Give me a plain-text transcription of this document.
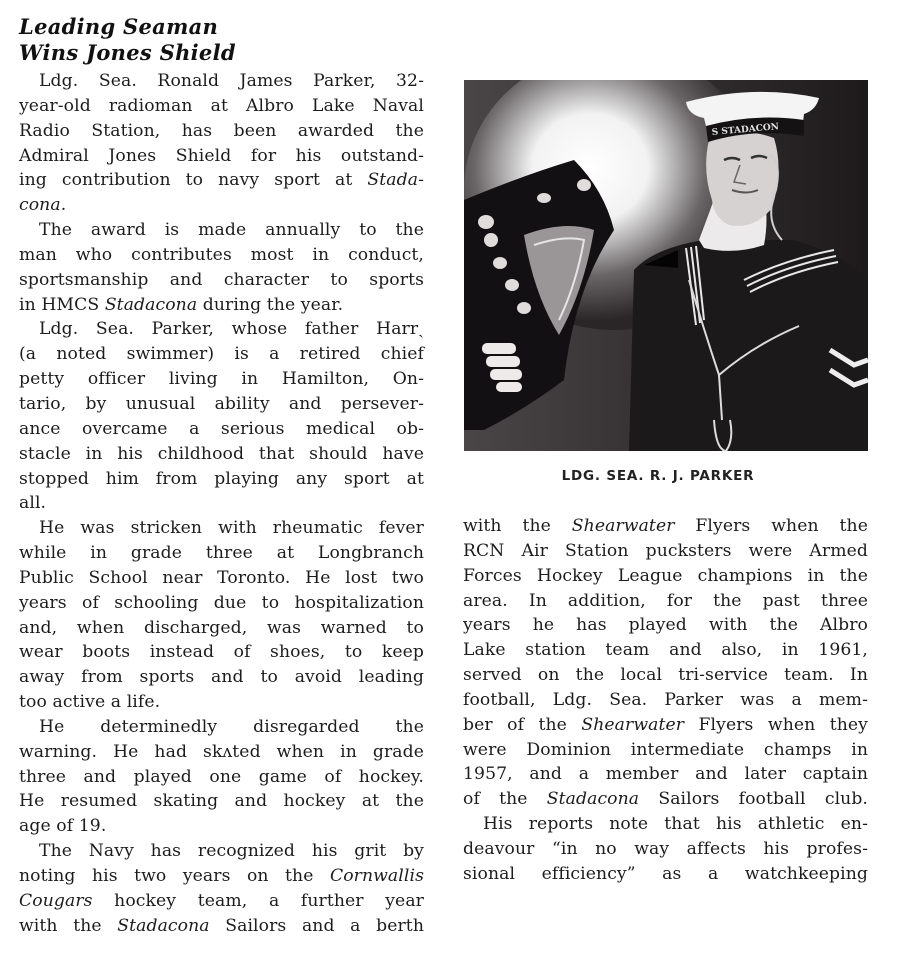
Leading Seaman
Wins Jones Shield
Ldg. Sea. Ronald James Parker, 32-
year-old radioman at Albro Lake Naval
Radio Station, has been awarded the
Admiral Jones Shield for his outstand-
ing contribution to navy sport at Stada-
cona.
The award is made annually to the
man who contributes most in conduct,
sportsmanship and character to sports
in HMCS Stadacona during the year.
Ldg. Sea. Parker, whose father Harrˏ
(a noted swimmer) is a retired chief
petty officer living in Hamilton, On-
tario, by unusual ability and persever-
ance overcame a serious medical ob-
stacle in his childhood that should have
stopped him from playing any sport at
all.
He was stricken with rheumatic fever
while in grade three at Longbranch
Public School near Toronto. He lost two
years of schooling due to hospitalization
and, when discharged, was warned to
wear boots instead of shoes, to keep
away from sports and to avoid leading
too active a life.
He determinedly disregarded the
warning. He had skʌted when in grade
three and played one game of hockey.
He resumed skating and hockey at the
age of 19.
The Navy has recognized his grit by
noting his two years on the Cornwallis
Cougars hockey team, a further year
with the Stadacona Sailors and a berth
S STADACON
LDG. SEA. R. J. PARKER
with the Shearwater Flyers when the
RCN Air Station pucksters were Armed
Forces Hockey League champions in the
area. In addition, for the past three
years he has played with the Albro
Lake station team and also, in 1961,
served on the local tri-service team. In
football, Ldg. Sea. Parker was a mem-
ber of the Shearwater Flyers when they
were Dominion intermediate champs in
1957, and a member and later captain
of the Stadacona Sailors football club.
His reports note that his athletic en-
deavour “in no way affects his profes-
sional efficiency” as a watchkeeping
